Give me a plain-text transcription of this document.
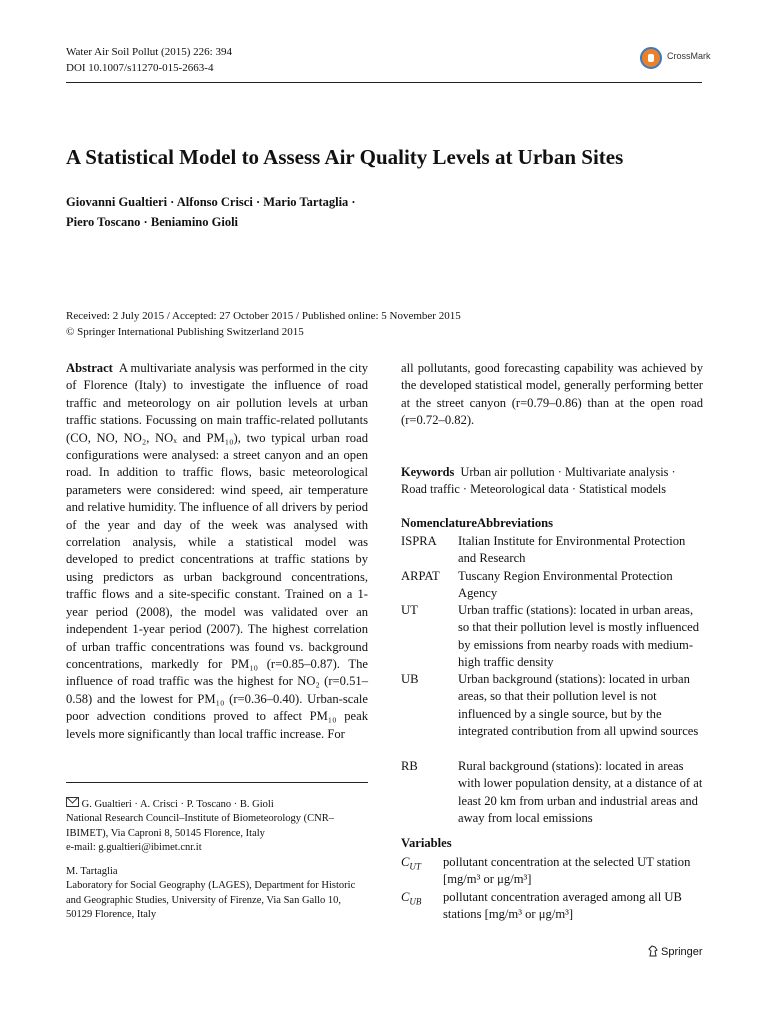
Water Air Soil Pollut (2015) 226: 394
DOI 10.1007/s11270-015-2663-4
CrossMark
A Statistical Model to Assess Air Quality Levels at Urban Sites
Giovanni Gualtieri · Alfonso Crisci · Mario Tartaglia ·
Piero Toscano · Beniamino Gioli
Received: 2 July 2015 / Accepted: 27 October 2015 / Published online: 5 November 2015
© Springer International Publishing Switzerland 2015
Abstract A multivariate analysis was performed in the city of Florence (Italy) to investigate the influence of road traffic and meteorology on air pollution levels at urban traffic stations. Focussing on main traffic-related pollutants (CO, NO, NO₂, NOₓ and PM₁₀), two typical urban road configurations were analysed: a street canyon and an open road. In addition to traffic flows, basic meteorological parameters were considered: wind speed, air temperature and relative humidity. The influence of all drivers by period of the year and day of the week was analysed with correlation analysis, while a statistical model was developed to predict concentrations at traffic stations by using predictors as urban background concentrations, traffic flows and a site-specific constant. Trained on a 1-year period (2008), the model was validated over an independent 1-year period (2007). The highest correlation of urban traffic concentrations was found vs. background concentrations, markedly for PM₁₀ (r=0.85–0.87). The influence of road traffic was the highest for NO₂ (r=0.51–0.58) and the lowest for PM₁₀ (r=0.36–0.40). Urban-scale poor advection conditions proved to affect PM₁₀ peak levels more significantly than local traffic increase. For
all pollutants, good forecasting capability was achieved by the developed statistical model, generally performing better at the street canyon (r=0.79–0.86) than at the open road (r=0.72–0.82).
Keywords Urban air pollution · Multivariate analysis · Road traffic · Meteorological data · Statistical models
NomenclatureAbbreviations
ISPRA Italian Institute for Environmental Protection and Research
ARPAT Tuscany Region Environmental Protection Agency
UT	Urban traffic (stations): located in urban areas, so that their pollution level is mostly influenced by emissions from nearby roads with medium-high traffic density
UB	Urban background (stations): located in urban areas, so that their pollution level is not influenced by a single source, but by the integrated contribution from all upwind sources
RB	Rural background (stations): located in areas with lower population density, at a distance of at least 20 km from urban and industrial areas and away from local emissions
Variables
$C_{UT}$ pollutant concentration at the selected UT station [mg/m³ or μg/m³]
$C_{UB}$ pollutant concentration averaged among all UB stations [mg/m³ or μg/m³]
G. Gualtieri · A. Crisci · P. Toscano · B. Gioli
National Research Council–Institute of Biometeorology (CNR–IBIMET), Via Caproni 8, 50145 Florence, Italy
e-mail: g.gualtieri@ibimet.cnr.it
M. Tartaglia
Laboratory for Social Geography (LAGES), Department for Historic and Geographic Studies, University of Firenze, Via San Gallo 10, 50129 Florence, Italy
Springer
